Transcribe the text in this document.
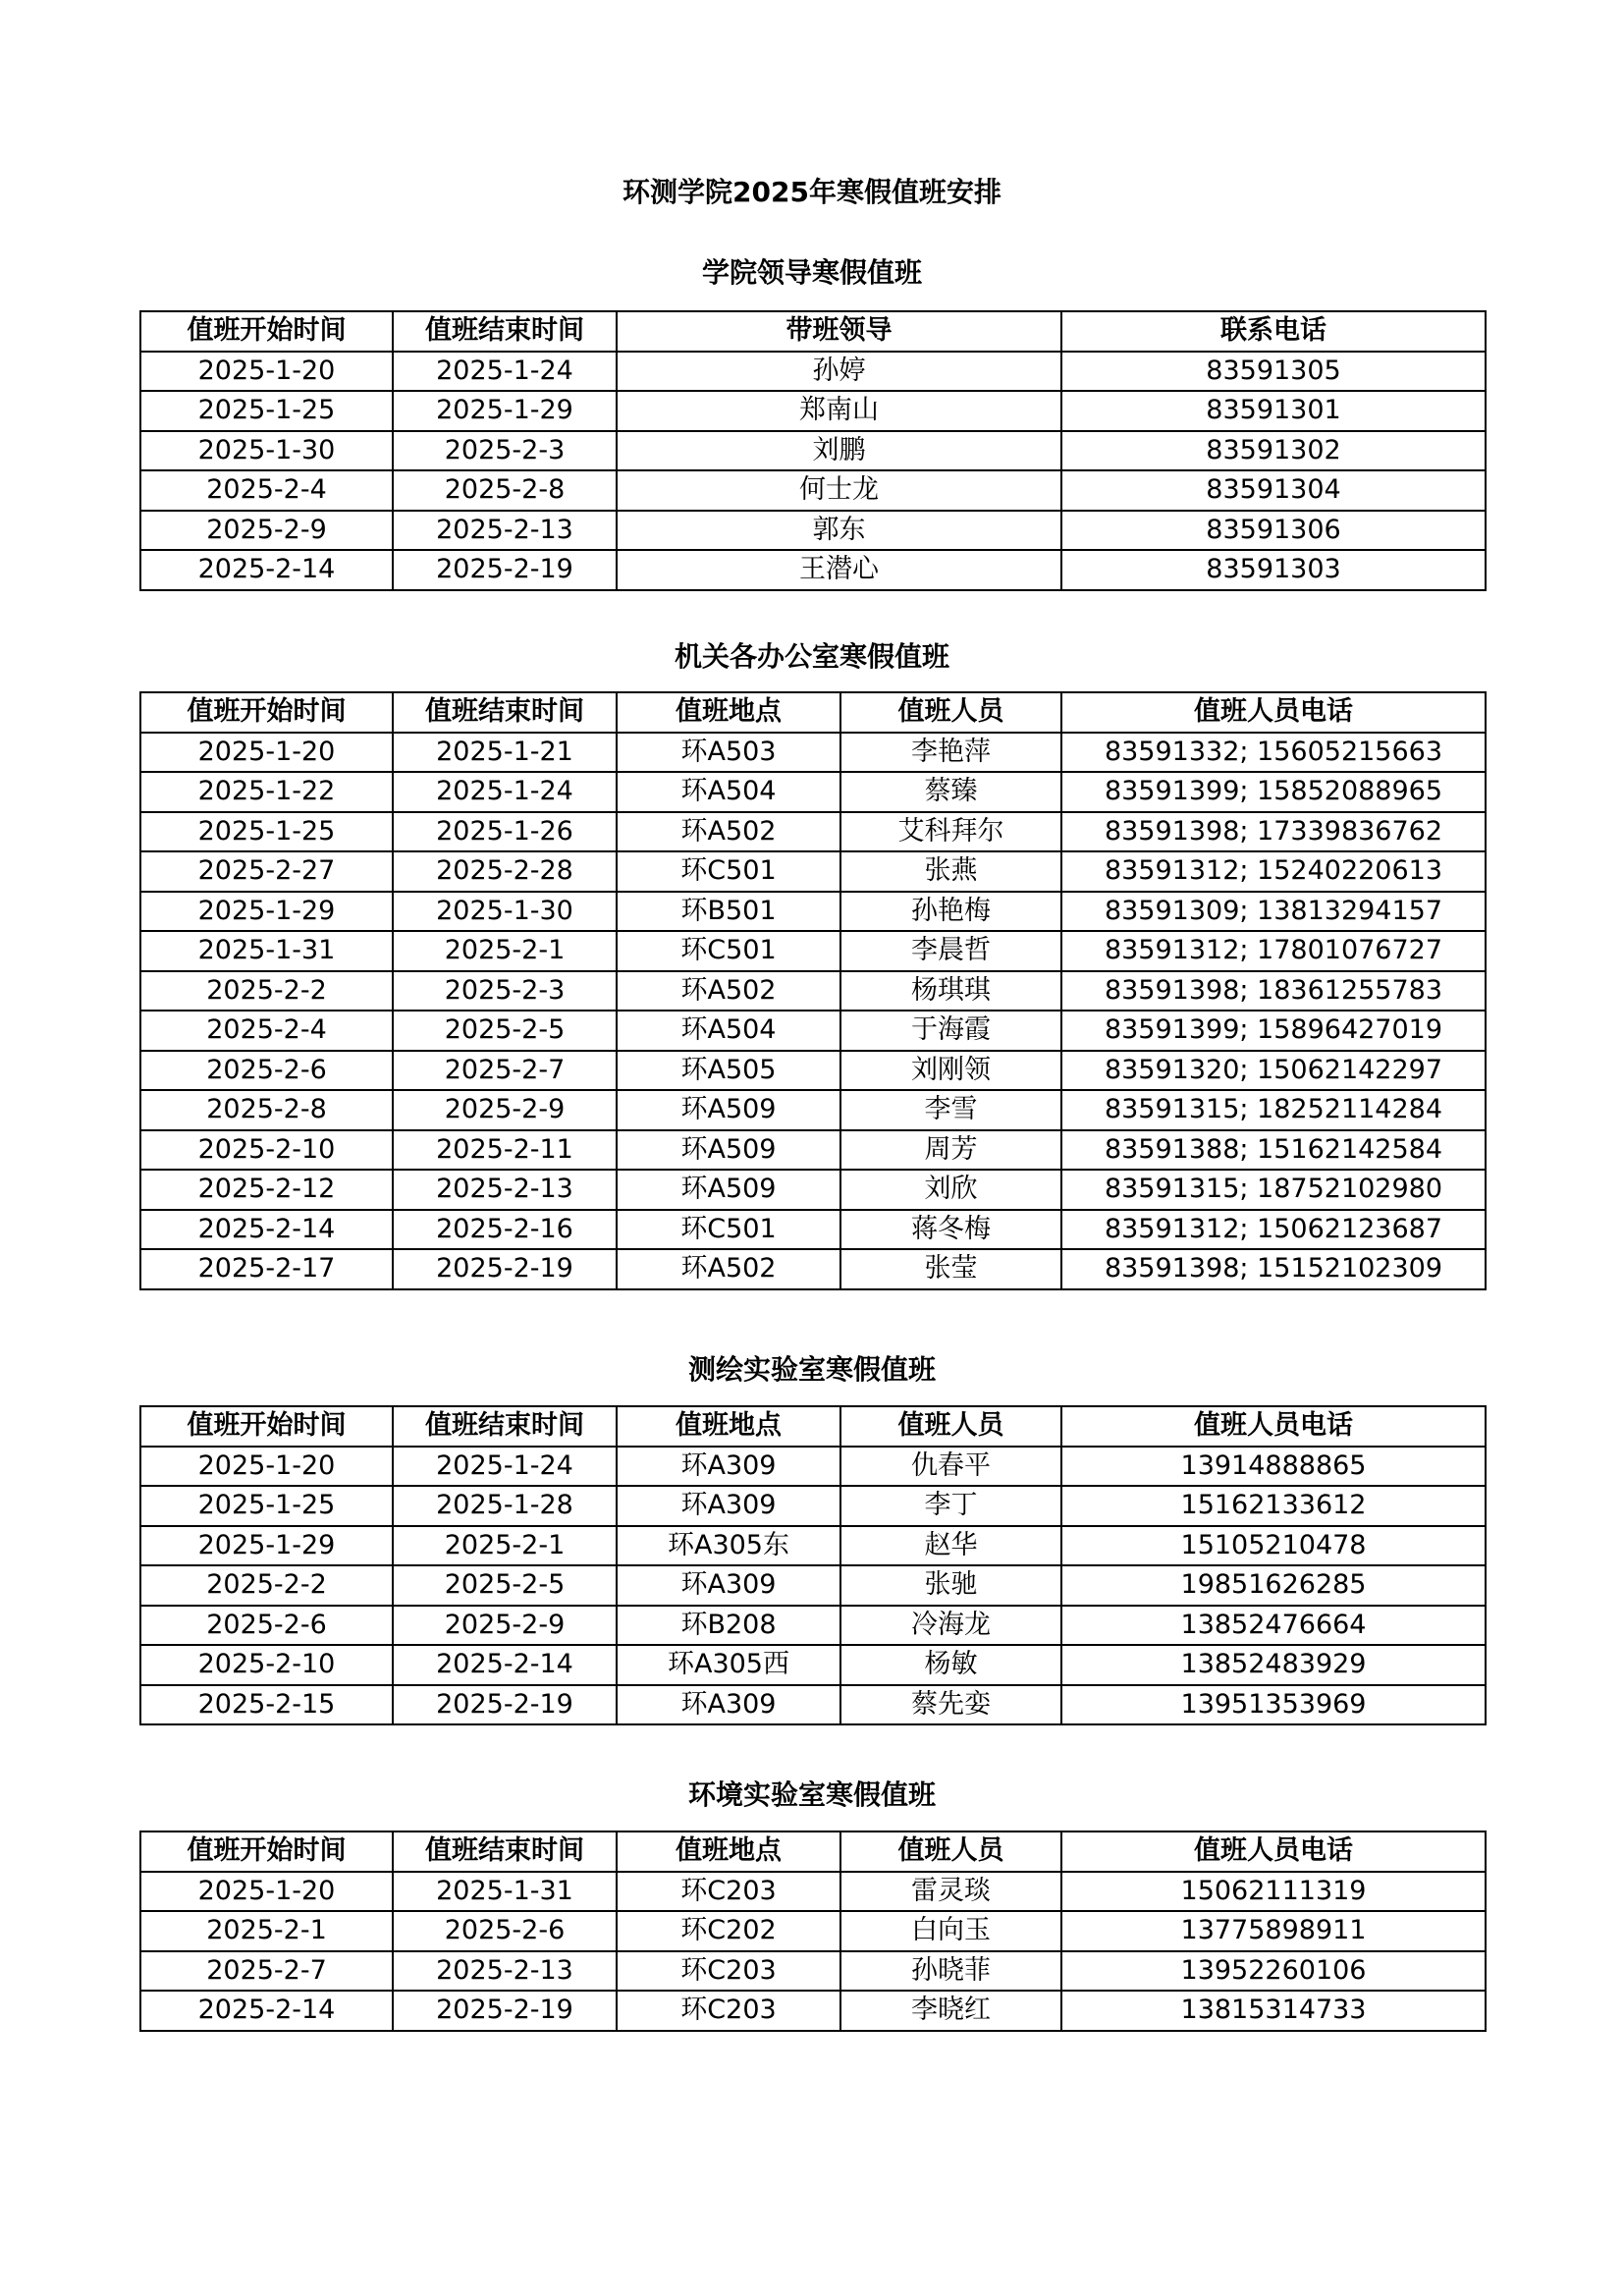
环测学院2025年寒假值班安排
学院领导寒假值班
值班开始时间	值班结束时间	带班领导	联系电话
2025-1-20	2025-1-24	孙婷	83591305
2025-1-25	2025-1-29	郑南山	83591301
2025-1-30	2025-2-3	刘鹏	83591302
2025-2-4	2025-2-8	何士龙	83591304
2025-2-9	2025-2-13	郭东	83591306
2025-2-14	2025-2-19	王潜心	83591303
机关各办公室寒假值班
值班开始时间	值班结束时间	值班地点	值班人员	值班人员电话
2025-1-20	2025-1-21	环A503	李艳萍	83591332; 15605215663
2025-1-22	2025-1-24	环A504	蔡臻	83591399; 15852088965
2025-1-25	2025-1-26	环A502	艾科拜尔	83591398; 17339836762
2025-2-27	2025-2-28	环C501	张燕	83591312; 15240220613
2025-1-29	2025-1-30	环B501	孙艳梅	83591309; 13813294157
2025-1-31	2025-2-1	环C501	李晨哲	83591312; 17801076727
2025-2-2	2025-2-3	环A502	杨琪琪	83591398; 18361255783
2025-2-4	2025-2-5	环A504	于海霞	83591399; 15896427019
2025-2-6	2025-2-7	环A505	刘刚领	83591320; 15062142297
2025-2-8	2025-2-9	环A509	李雪	83591315; 18252114284
2025-2-10	2025-2-11	环A509	周芳	83591388; 15162142584
2025-2-12	2025-2-13	环A509	刘欣	83591315; 18752102980
2025-2-14	2025-2-16	环C501	蒋冬梅	83591312; 15062123687
2025-2-17	2025-2-19	环A502	张莹	83591398; 15152102309
测绘实验室寒假值班
值班开始时间	值班结束时间	值班地点	值班人员	值班人员电话
2025-1-20	2025-1-24	环A309	仇春平	13914888865
2025-1-25	2025-1-28	环A309	李丁	15162133612
2025-1-29	2025-2-1	环A305东	赵华	15105210478
2025-2-2	2025-2-5	环A309	张驰	19851626285
2025-2-6	2025-2-9	环B208	冷海龙	13852476664
2025-2-10	2025-2-14	环A305西	杨敏	13852483929
2025-2-15	2025-2-19	环A309	蔡先娈	13951353969
环境实验室寒假值班
值班开始时间	值班结束时间	值班地点	值班人员	值班人员电话
2025-1-20	2025-1-31	环C203	雷灵琰	15062111319
2025-2-1	2025-2-6	环C202	白向玉	13775898911
2025-2-7	2025-2-13	环C203	孙晓菲	13952260106
2025-2-14	2025-2-19	环C203	李晓红	13815314733
